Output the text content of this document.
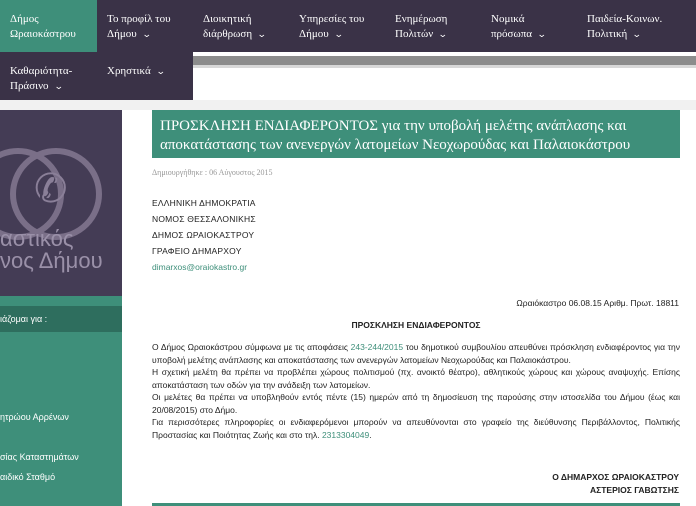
Δήμος
Ωραιοκάστρου
Το προφίλ του
Δήμου ⌄
Διοικητική
διάρθρωση ⌄
Υπηρεσίες του
Δήμου ⌄
Ενημέρωση
Πολιτών ⌄
Νομικά
πρόσωπα ⌄
Παιδεία-Κοινων.
Πολιτική ⌄
Καθαριότητα-
Πράσινο ⌄
Χρηστικά ⌄
✆
αστικός
νος Δήμου
ιάζομαι για :
ητρώου Αρρένων
σίας Καταστημάτων
αιδικό Σταθμό
ΠΡΟΣΚΛΗΣΗ ΕΝΔΙΑΦΕΡΟΝΤΟΣ για την υποβολή μελέτης ανάπλασης και αποκατάστασης των ανενεργών λατομείων Νεοχωρούδας και Παλαιοκάστρου
Δημιουργήθηκε : 06 Αύγουστος 2015
ΕΛΛΗΝΙΚΗ ΔΗΜΟΚΡΑΤΙΑ
ΝΟΜΟΣ ΘΕΣΣΑΛΟΝΙΚΗΣ
ΔΗΜΟΣ ΩΡΑΙΟΚΑΣΤΡΟΥ
ΓΡΑΦΕΙΟ ΔΗΜΑΡΧΟΥ
dimarxos@oraiokastro.gr
Ωραιόκαστρο 06.08.15 Αριθμ. Πρωτ. 18811
ΠΡΟΣΚΛΗΣΗ ΕΝΔΙΑΦΕΡΟΝΤΟΣ

Ο Δήμος Ωραιοκάστρου σύμφωνα με τις αποφάσεις 243-244/2015 του δημοτικού συμβουλίου απευθύνει πρόσκληση ενδιαφέροντος για την υποβολή μελέτης ανάπλασης και αποκατάστασης των ανενεργών λατομείων Νεοχωρούδας και Παλαιοκάστρου.

Η σχετική μελέτη θα πρέπει να προβλέπει χώρους πολιτισμού (πχ. ανοικτό θέατρο), αθλητικούς χώρους και χώρους αναψυχής. Επίσης αποκατάσταση των οδών για την ανάδειξη των λατομείων.

Οι μελέτες θα πρέπει να υποβληθούν εντός πέντε (15) ημερών από τη δημοσίευση της παρούσης στην ιστοσελίδα του Δήμου (έως και 20/08/2015) στο Δήμο.

Για περισσότερες πληροφορίες οι ενδιαφερόμενοι μπορούν να απευθύνονται στο γραφείο της διεύθυνσης Περιβάλλοντος, Πολιτικής Προστασίας και Ποιότητας Ζωής και στο τηλ. 2313304049.

Ο ΔΗΜΑΡΧΟΣ ΩΡΑΙΟΚΑΣΤΡΟΥ
ΑΣΤΕΡΙΟΣ ΓΑΒΩΤΣΗΣ
